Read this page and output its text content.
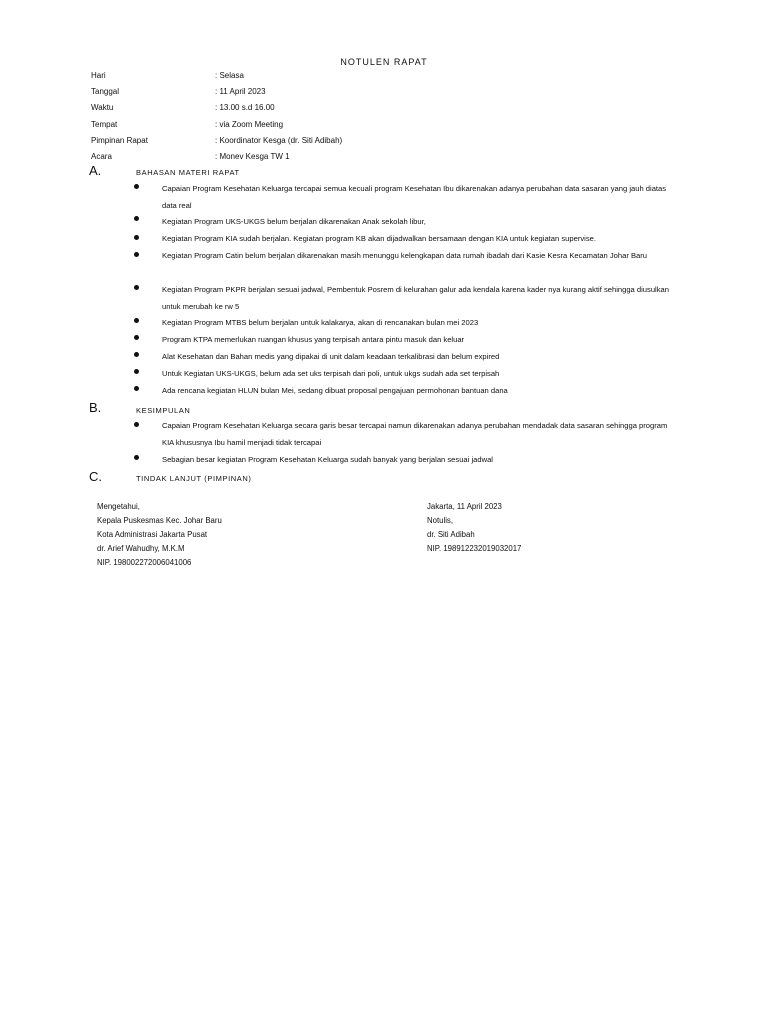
NOTULEN RAPAT
Hari	: Selasa
Tanggal	: 11 April 2023
Waktu	: 13.00 s.d 16.00
Tempat	: via Zoom Meeting
Pimpinan Rapat	: Koordinator Kesga (dr. Siti Adibah)
Acara	: Monev Kesga TW 1
A.	BAHASAN MATERI RAPAT
Capaian Program Kesehatan Keluarga tercapai semua kecuali program Kesehatan Ibu dikarenakan adanya perubahan data sasaran yang jauh diatas data real
Kegiatan Program UKS-UKGS belum berjalan dikarenakan Anak sekolah libur,
Kegiatan Program KIA sudah berjalan. Kegiatan program KB akan dijadwalkan bersamaan dengan KIA untuk kegiatan supervise.
Kegiatan Program Catin belum berjalan dikarenakan masih menunggu kelengkapan data rumah ibadah dari Kasie Kesra Kecamatan Johar Baru
Kegiatan Program PKPR berjalan sesuai jadwal, Pembentuk Posrem di kelurahan galur ada kendala karena kader nya kurang aktif sehingga diusulkan untuk merubah ke rw 5
Kegiatan Program MTBS belum berjalan untuk kalakarya, akan di rencanakan bulan mei 2023
Program KTPA memerlukan ruangan khusus yang terpisah antara pintu masuk dan keluar
Alat Kesehatan dan Bahan medis yang dipakai di unit dalam keadaan terkalibrasi dan belum expired
Untuk Kegiatan UKS-UKGS, belum ada set uks terpisah dari poli, untuk ukgs sudah ada set terpisah
Ada rencana kegiatan HLUN bulan Mei, sedang dibuat proposal pengajuan permohonan bantuan dana
B.	KESIMPULAN
Capaian Program Kesehatan Keluarga secara garis besar tercapai namun dikarenakan adanya perubahan mendadak data sasaran sehingga program KIA khususnya Ibu hamil menjadi tidak tercapai
Sebagian besar kegiatan Program Kesehatan Keluarga sudah banyak yang berjalan sesuai jadwal
C.	TINDAK LANJUT (PIMPINAN)
Mengetahui,
Kepala Puskesmas Kec. Johar Baru
Kota Administrasi Jakarta Pusat
dr. Arief Wahudhy, M.K.M
NIP. 198002272006041006
Jakarta, 11 April 2023
Notulis,
dr. Siti Adibah
NIP. 198912232019032017
